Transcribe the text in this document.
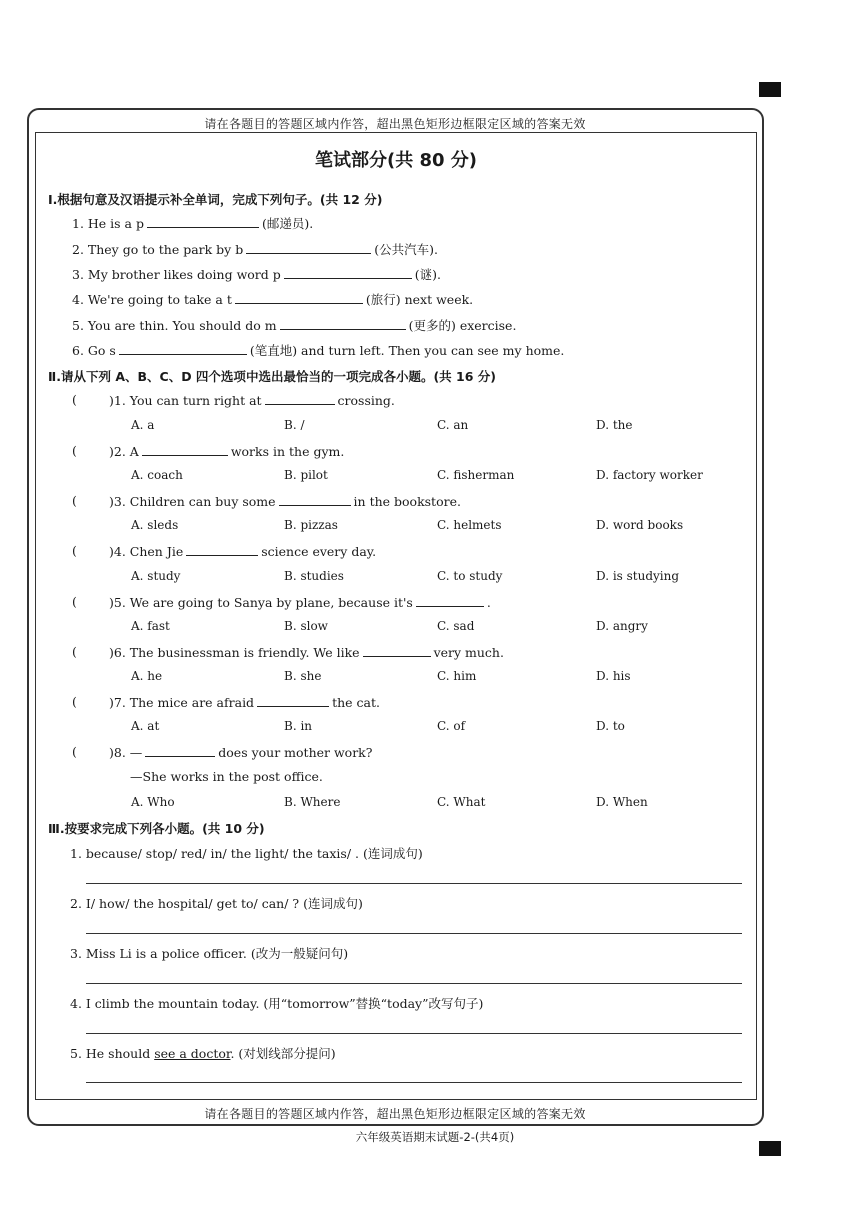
请在各题目的答题区域内作答，超出黑色矩形边框限定区域的答案无效
笔试部分(共 80 分)
Ⅰ.根据句意及汉语提示补全单词，完成下列句子。(共 12 分)
1. He is a p	(邮递员).
2. They go to the park by b	(公共汽车).
3. My brother likes doing word p	(谜).
4. We're going to take a t	(旅行) next week.
5. You are thin. You should do m	(更多的) exercise.
6. Go s	(笔直地) and turn left. Then you can see my home.
Ⅱ.请从下列 A、B、C、D 四个选项中选出最恰当的一项完成各小题。(共 16 分)
(	)1. You can turn right at	crossing.
A. a	B. /	C. an	D. the
(	)2. A	works in the gym.
A. coach	B. pilot	C. fisherman	D. factory worker
(	)3. Children can buy some	in the bookstore.
A. sleds	B. pizzas	C. helmets	D. word books
(	)4. Chen Jie	science every day.
A. study	B. studies	C. to study	D. is studying
(	)5. We are going to Sanya by plane, because it's	.
A. fast	B. slow	C. sad	D. angry
(	)6. The businessman is friendly. We like	very much.
A. he	B. she	C. him	D. his
(	)7. The mice are afraid	the cat.
A. at	B. in	C. of	D. to
(	)8. —	does your mother work?
—She works in the post office.
A. Who	B. Where	C. What	D. When
Ⅲ.按要求完成下列各小题。(共 10 分)
1. because/ stop/ red/ in/ the light/ the taxis/ . (连词成句)
2. I/ how/ the hospital/ get to/ can/ ? (连词成句)
3. Miss Li is a police officer. (改为一般疑问句)
4. I climb the mountain today. (用“tomorrow”替换“today”改写句子)
5. He should see a doctor. (对划线部分提问)
请在各题目的答题区域内作答，超出黑色矩形边框限定区域的答案无效
六年级英语期末试题-2-(共4页)
